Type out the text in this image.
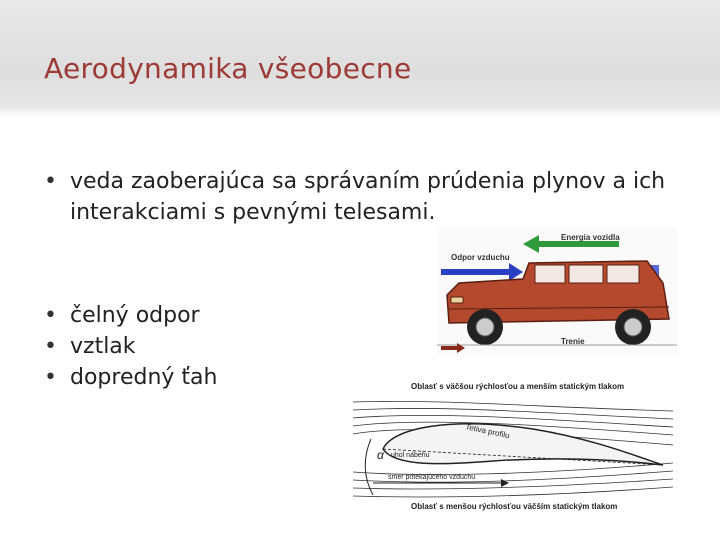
Aerodynamika všeobecne
• veda zaoberajúca sa správaním prúdenia plynov a ich interakciami s pevnými telesami.
• čelný odpor
• vztlak
• dopredný ťah
Energia vozidla
Odpor vzduchu
Trenie
Oblasť s väčšou rýchlosťou a menším statickým tlakom
Tetiva profilu
α uhol nábehu
smer pritekajúceho vzduchu
Oblasť s menšou rýchlosťou väčším statickým tlakom
